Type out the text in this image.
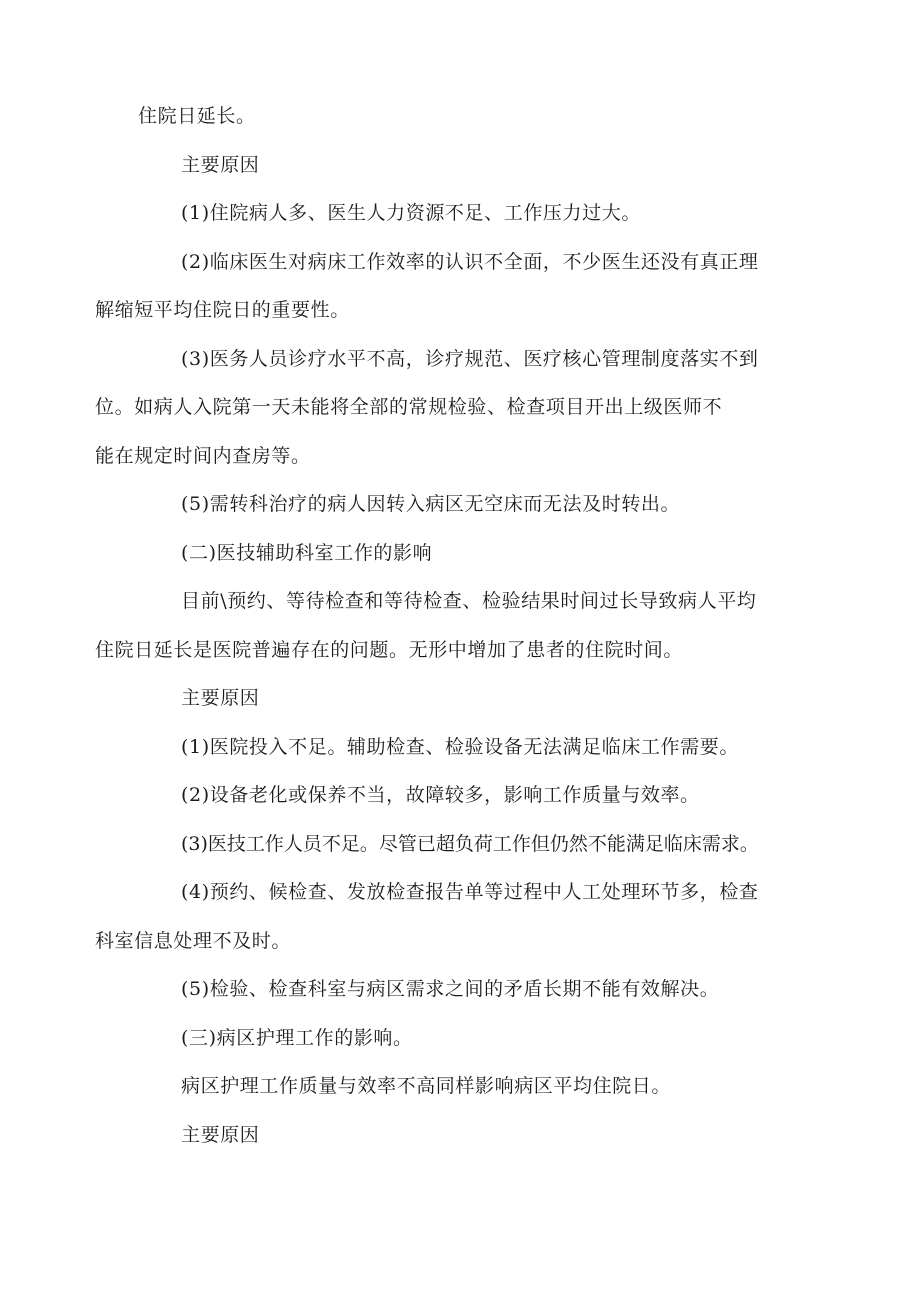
住院日延长。

主要原因

(1)住院病人多、医生人力资源不足、工作压力过大。

(2)临床医生对病床工作效率的认识不全面，不少医生还没有真正理
解缩短平均住院日的重要性。

(3)医务人员诊疗水平不高，诊疗规范、医疗核心管理制度落实不到
位。如病人入院第一天未能将全部的常规检验、检查项目开出上级医师不
能在规定时间内查房等。

(5)需转科治疗的病人因转入病区无空床而无法及时转出。

(二)医技辅助科室工作的影响

目前\预约、等待检查和等待检查、检验结果时间过长导致病人平均
住院日延长是医院普遍存在的问题。无形中增加了患者的住院时间。

主要原因

(1)医院投入不足。辅助检查、检验设备无法满足临床工作需要。

(2)设备老化或保养不当，故障较多，影响工作质量与效率。

(3)医技工作人员不足。尽管已超负荷工作但仍然不能满足临床需求。

(4)预约、候检查、发放检查报告单等过程中人工处理环节多，检查
科室信息处理不及时。

(5)检验、检查科室与病区需求之间的矛盾长期不能有效解决。

(三)病区护理工作的影响。

病区护理工作质量与效率不高同样影响病区平均住院日。

主要原因
